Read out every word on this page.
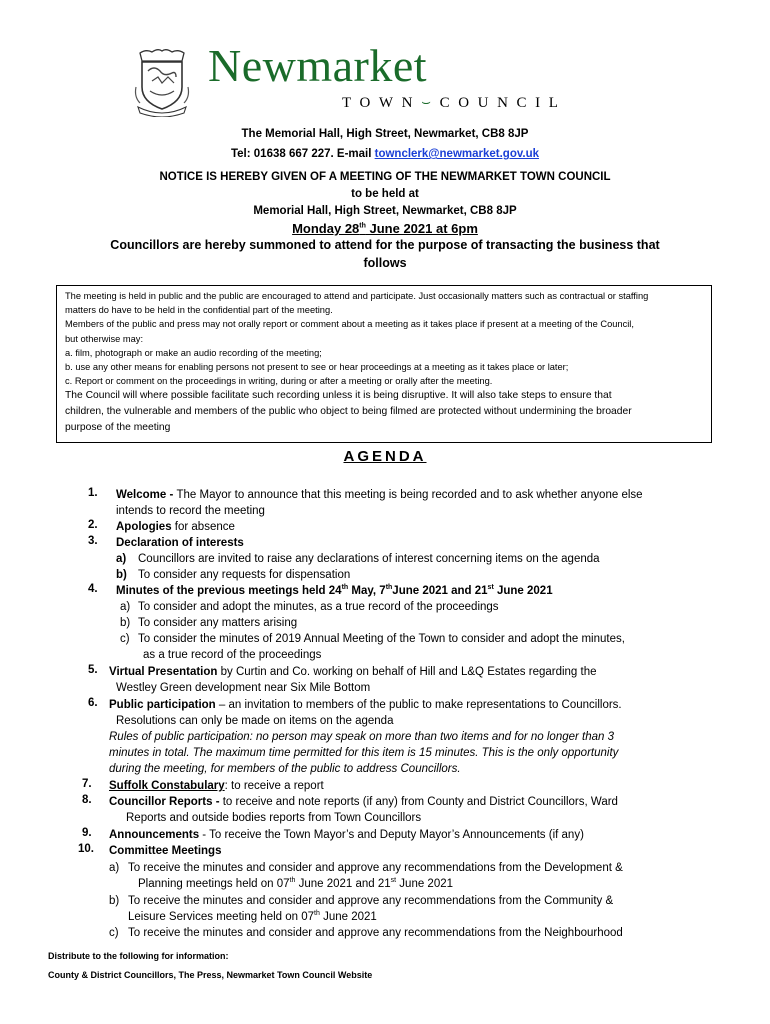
Newmarket
TOWN⌣COUNCIL
The Memorial Hall, High Street, Newmarket, CB8 8JP
Tel: 01638 667 227. E-mail townclerk@newmarket.gov.uk
NOTICE IS HEREBY GIVEN OF A MEETING OF THE NEWMARKET TOWN COUNCIL
to be held at
Memorial Hall, High Street, Newmarket, CB8 8JP
Monday 28th June 2021 at 6pm
Councillors are hereby summoned to attend for the purpose of transacting the business that
follows
The meeting is held in public and the public are encouraged to attend and participate. Just occasionally matters such as contractual or staffing
matters do have to be held in the confidential part of the meeting.
Members of the public and press may not orally report or comment about a meeting as it takes place if present at a meeting of the Council,
but otherwise may:
a. film, photograph or make an audio recording of the meeting;
b. use any other means for enabling persons not present to see or hear proceedings at a meeting as it takes place or later;
c. Report or comment on the proceedings in writing, during or after a meeting or orally after the meeting.
The Council will where possible facilitate such recording unless it is being disruptive. It will also take steps to ensure that
children, the vulnerable and members of the public who object to being filmed are protected without undermining the broader
purpose of the meeting
AGENDA
1. Welcome - The Mayor to announce that this meeting is being recorded and to ask whether anyone else
intends to record the meeting
2. Apologies for absence
3. Declaration of interests
a) Councillors are invited to raise any declarations of interest concerning items on the agenda
b) To consider any requests for dispensation
4. Minutes of the previous meetings held 24th May, 7thJune 2021 and 21st June 2021
a) To consider and adopt the minutes, as a true record of the proceedings
b) To consider any matters arising
c) To consider the minutes of 2019 Annual Meeting of the Town to consider and adopt the minutes,
as a true record of the proceedings
5. Virtual Presentation by Curtin and Co. working on behalf of Hill and L&Q Estates regarding the
Westley Green development near Six Mile Bottom
6. Public participation – an invitation to members of the public to make representations to Councillors.
Resolutions can only be made on items on the agenda
Rules of public participation: no person may speak on more than two items and for no longer than 3
minutes in total. The maximum time permitted for this item is 15 minutes. This is the only opportunity
during the meeting, for members of the public to address Councillors.
7. Suffolk Constabulary: to receive a report
8. Councillor Reports - to receive and note reports (if any) from County and District Councillors, Ward
Reports and outside bodies reports from Town Councillors
9. Announcements - To receive the Town Mayor’s and Deputy Mayor’s Announcements (if any)
10. Committee Meetings
a) To receive the minutes and consider and approve any recommendations from the Development &
Planning meetings held on 07th June 2021 and 21st June 2021
b) To receive the minutes and consider and approve any recommendations from the Community &
Leisure Services meeting held on 07th June 2021
c) To receive the minutes and consider and approve any recommendations from the Neighbourhood
Distribute to the following for information:
County & District Councillors, The Press, Newmarket Town Council Website
